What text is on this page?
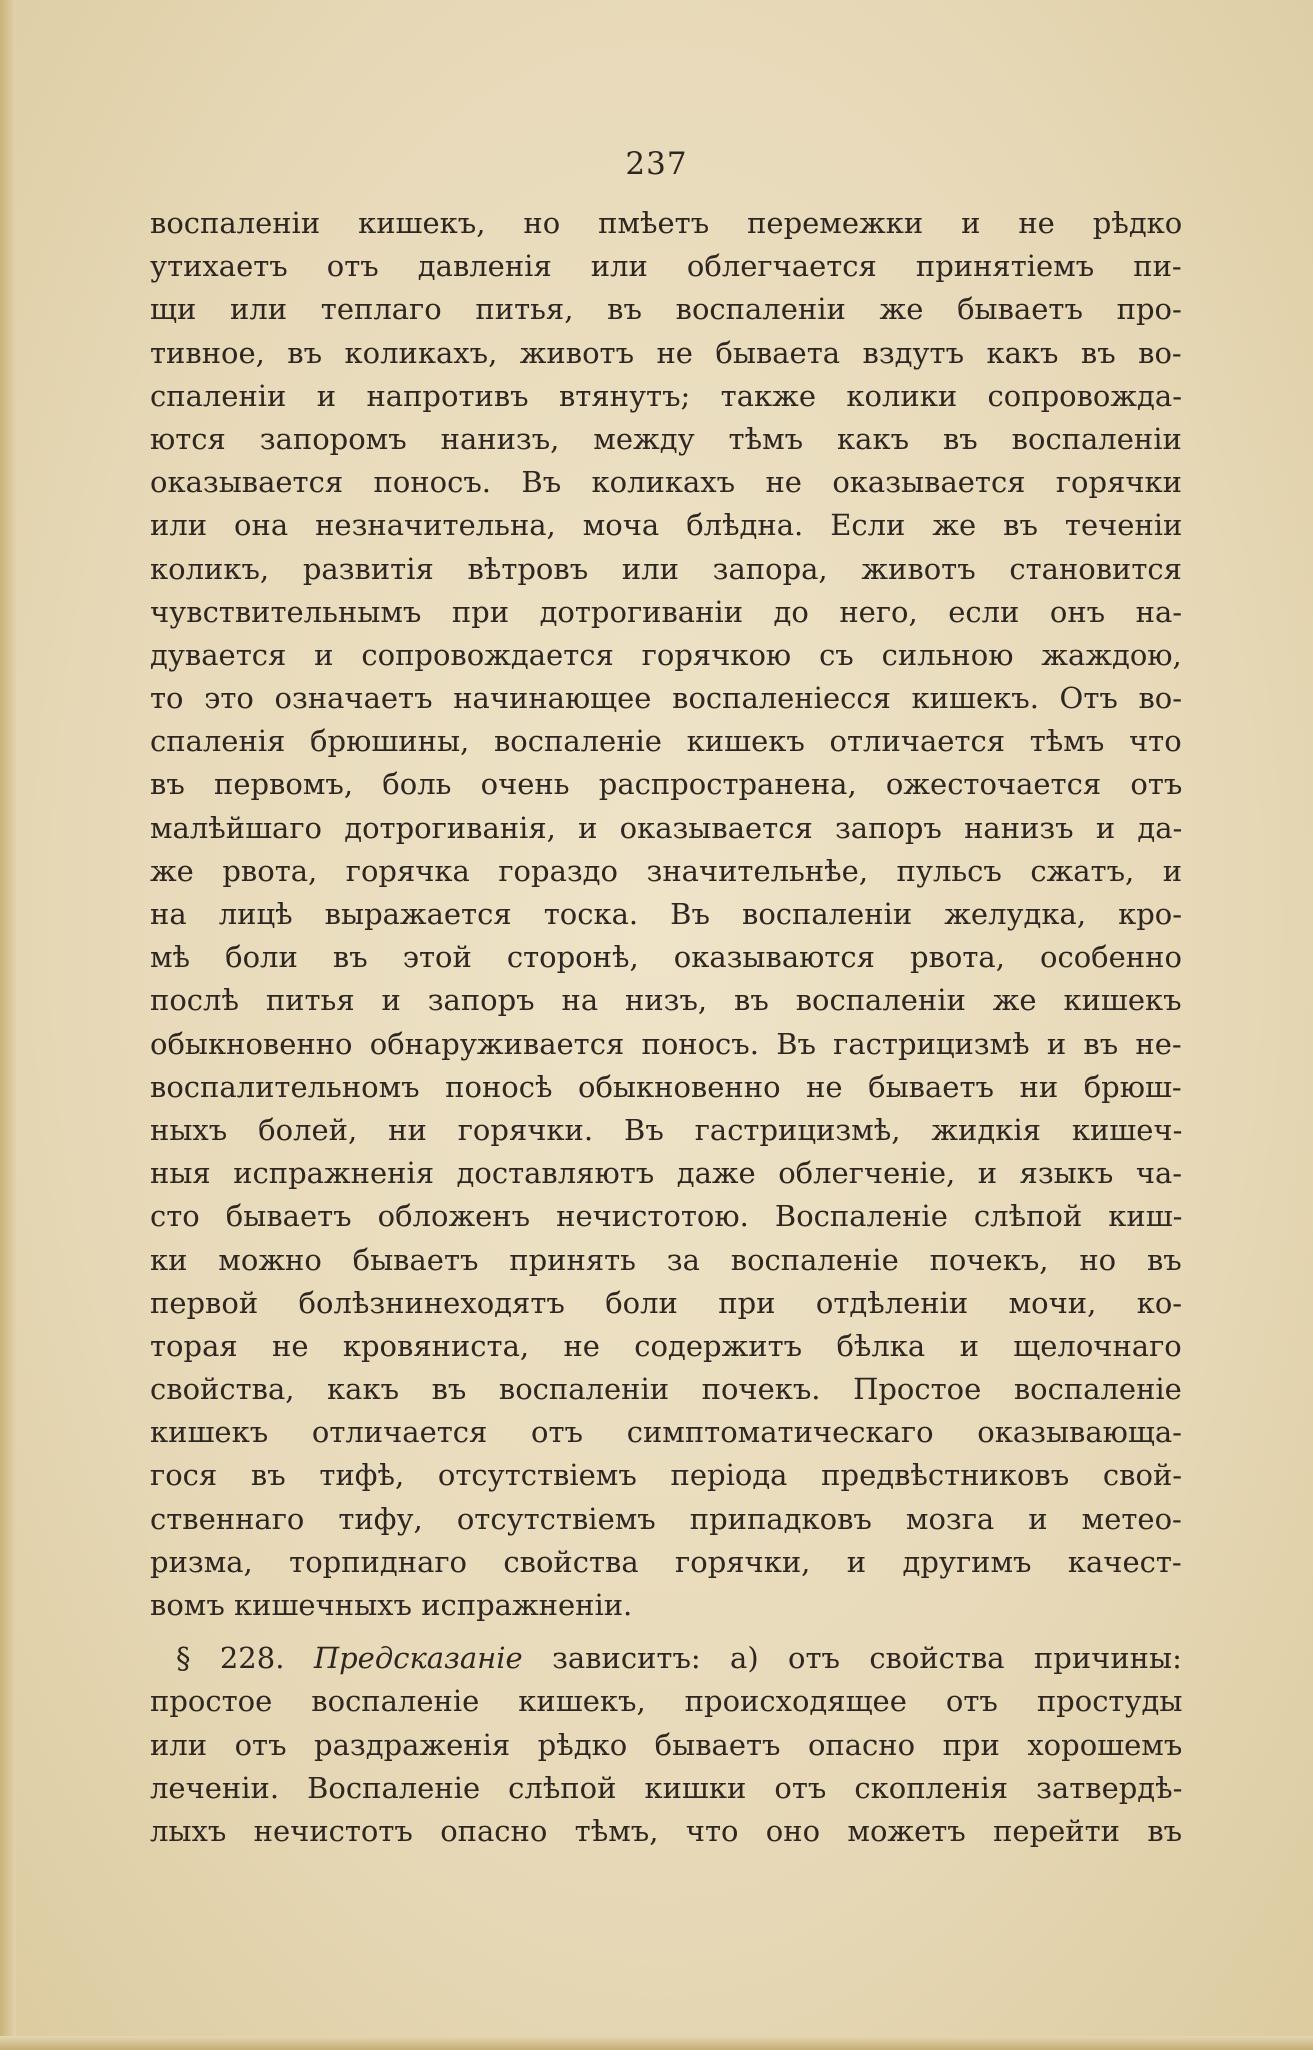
237
воспаленіи кишекъ, но пмѣетъ перемежки и не рѣдко
утихаетъ отъ давленія или облегчается принятіемъ пи-
щи или теплаго питья, въ воспаленіи же бываетъ про-
тивное, въ коликахъ, животъ не бываета вздутъ какъ въ во-
спаленіи и напротивъ втянутъ; также колики сопровожда-
ются запоромъ нанизъ, между тѣмъ какъ въ воспаленіи
оказывается поносъ. Въ коликахъ не оказывается горячки
или она незначительна, моча блѣдна. Если же въ теченіи
коликъ, развитія вѣтровъ или запора, животъ становится
чувствительнымъ при дотрогиваніи до него, если онъ на-
дувается и сопровождается горячкою съ сильною жаждою,
то это означаетъ начинающее воспаленіесся кишекъ. Отъ во-
спаленія брюшины, воспаленіе кишекъ отличается тѣмъ что
въ первомъ, боль очень распространена, ожесточается отъ
малѣйшаго дотрогиванія, и оказывается запоръ нанизъ и да-
же рвота, горячка гораздо значительнѣе, пульсъ сжатъ, и
на лицѣ выражается тоска. Въ воспаленіи желудка, кро-
мѣ боли въ этой сторонѣ, оказываются рвота, особенно
послѣ питья и запоръ на низъ, въ воспаленіи же кишекъ
обыкновенно обнаруживается поносъ. Въ гастрицизмѣ и въ не-
воспалительномъ поносѣ обыкновенно не бываетъ ни брюш-
ныхъ болей, ни горячки. Въ гастрицизмѣ, жидкія кишеч-
ныя испражненія доставляютъ даже облегченіе, и языкъ ча-
сто бываетъ обложенъ нечистотою. Воспаленіе слѣпой киш-
ки можно бываетъ принять за воспаленіе почекъ, но въ
первой болѣзнинеходятъ боли при отдѣленіи мочи, ко-
торая не кровяниста, не содержитъ бѣлка и щелочнаго
свойства, какъ въ воспаленіи почекъ. Простое воспаленіе
кишекъ отличается отъ симптоматическаго оказывающа-
гося въ тифѣ, отсутствіемъ періода предвѣстниковъ свой-
ственнаго тифу, отсутствіемъ припадковъ мозга и метео-
ризма, торпиднаго свойства горячки, и другимъ качест-
вомъ кишечныхъ испражненіи.
§ 228. Предсказаніе зависитъ: а) отъ свойства причины:
простое воспаленіе кишекъ, происходящее отъ простуды
или отъ раздраженія рѣдко бываетъ опасно при хорошемъ
леченіи. Воспаленіе слѣпой кишки отъ скопленія затвердѣ-
лыхъ нечистотъ опасно тѣмъ, что оно можетъ перейти въ
